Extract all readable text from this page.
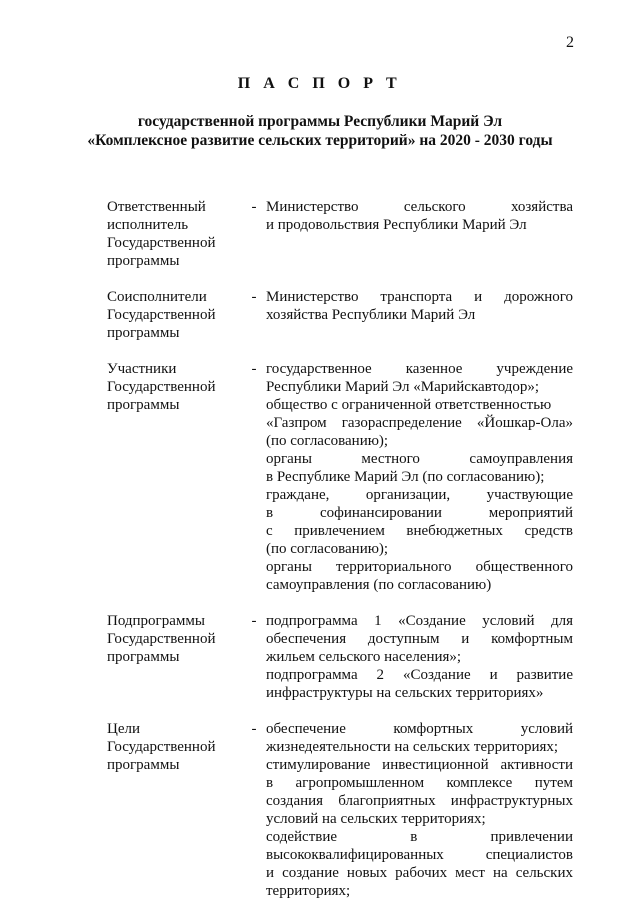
2
П А С П О Р Т
государственной программы Республики Марий Эл
«Комплексное развитие сельских территорий» на 2020 - 2030 годы
Ответственный исполнитель Государственной программы
- Министерство сельского хозяйства
и продовольствия Республики Марий Эл
Соисполнители Государственной программы
- Министерство транспорта и дорожного
хозяйства Республики Марий Эл
Участники Государственной программы
- государственное казенное учреждение
Республики Марий Эл «Марийскавтодор»;
общество с ограниченной ответственностью
«Газпром газораспределение «Йошкар-Ола»
(по согласованию);
органы местного самоуправления
в Республике Марий Эл (по согласованию);
граждане, организации, участвующие
в софинансировании мероприятий
с привлечением внебюджетных средств
(по согласованию);
органы территориального общественного
самоуправления (по согласованию)
Подпрограммы Государственной программы
- подпрограмма 1 «Создание условий для
обеспечения доступным и комфортным
жильем сельского населения»;
подпрограмма 2 «Создание и развитие
инфраструктуры на сельских территориях»
Цели Государственной программы
- обеспечение комфортных условий
жизнедеятельности на сельских территориях;
стимулирование инвестиционной активности
в агропромышленном комплексе путем
создания благоприятных инфраструктурных
условий на сельских территориях;
содействие в привлечении
высококвалифицированных специалистов
и создание новых рабочих мест на сельских
территориях;
